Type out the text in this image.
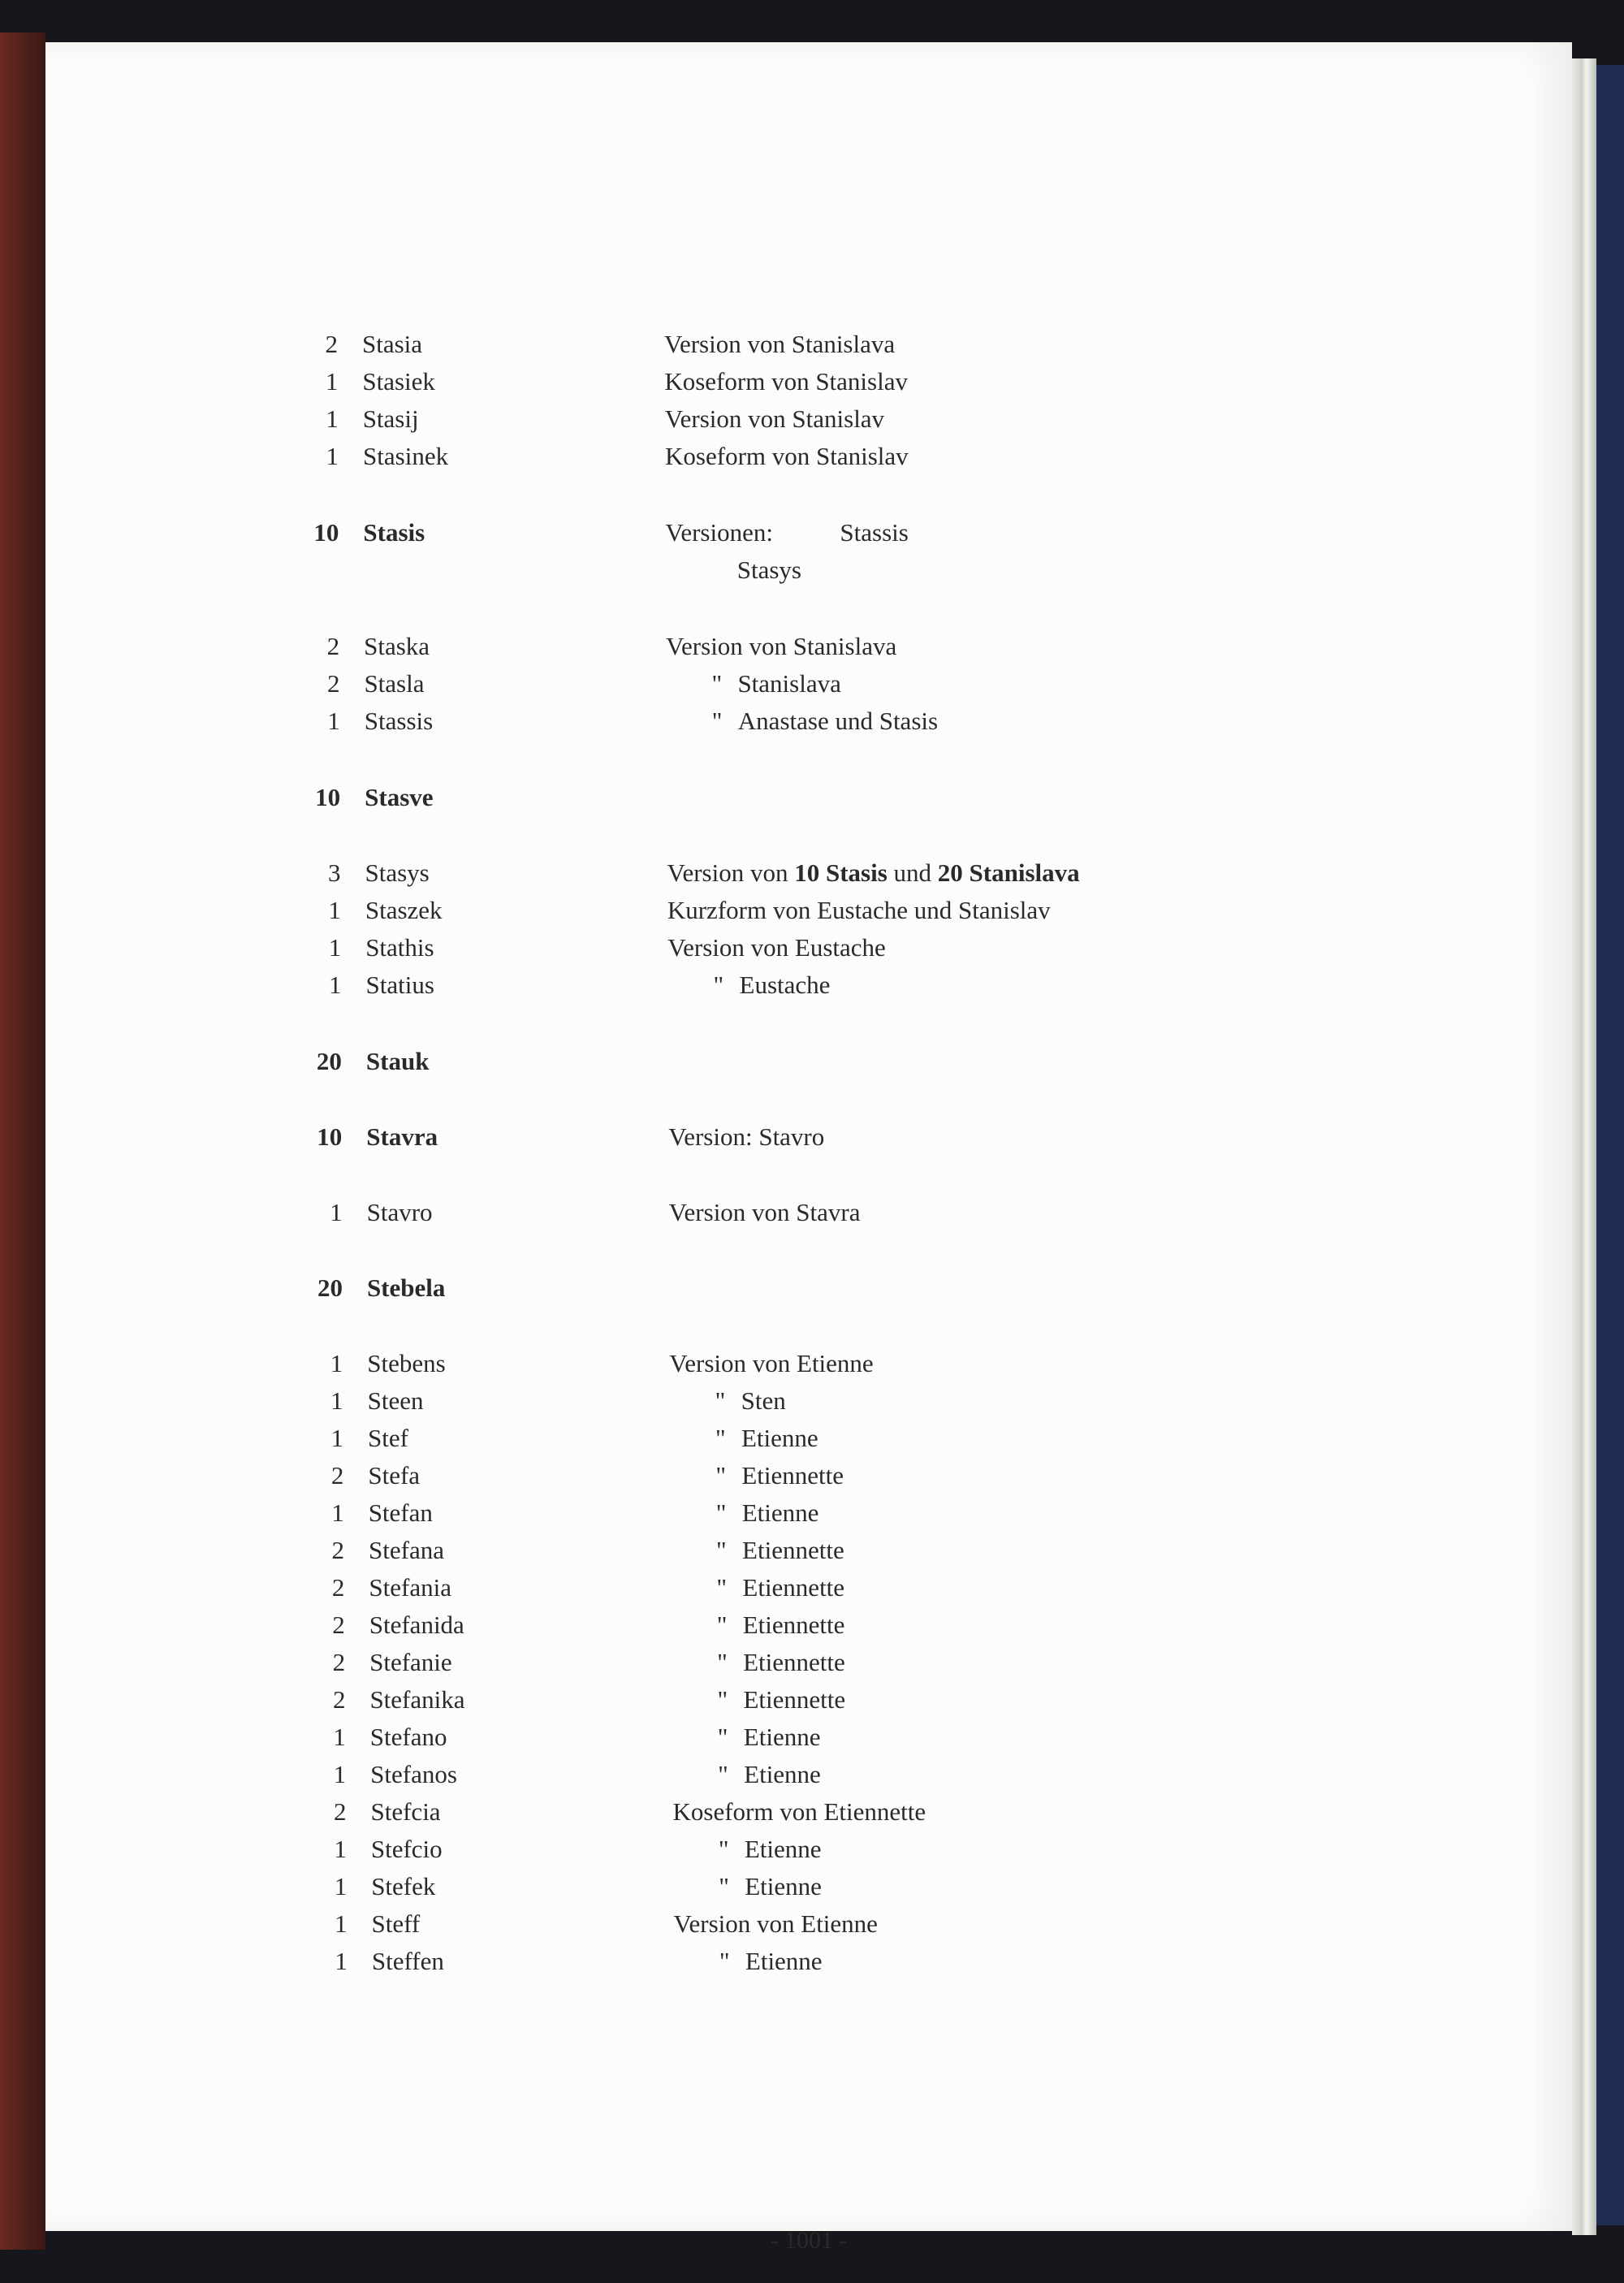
2 Stasia	Version von Stanislava
1 Stasiek	Koseform von Stanislav
1 Stasij	Version von Stanislav
1 Stasinek	Koseform von Stanislav
10 Stasis	Versionen:	Stassis
Stasys
2 Staska	Version von Stanislava
2 Stasla	" Stanislava
1 Stassis	" Anastase und Stasis
10 Stasve
3 Stasys	Version von 10 Stasis und 20 Stanislava
1 Staszek	Kurzform von Eustache und Stanislav
1 Stathis	Version von Eustache
1 Statius	" Eustache
20 Stauk
10 Stavra	Version: Stavro
1 Stavro	Version von Stavra
20 Stebela
1 Stebens	Version von Etienne
1 Steen	" Sten
1 Stef	" Etienne
2 Stefa	" Etiennette
1 Stefan	" Etienne
2 Stefana	" Etiennette
2 Stefania	" Etiennette
2 Stefanida	" Etiennette
2 Stefanie	" Etiennette
2 Stefanika	" Etiennette
1 Stefano	" Etienne
1 Stefanos	" Etienne
2 Stefcia	Koseform von Etiennette
1 Stefcio	" Etienne
1 Stefek	" Etienne
1 Steff	Version von Etienne
1 Steffen	" Etienne
- 1001 -
